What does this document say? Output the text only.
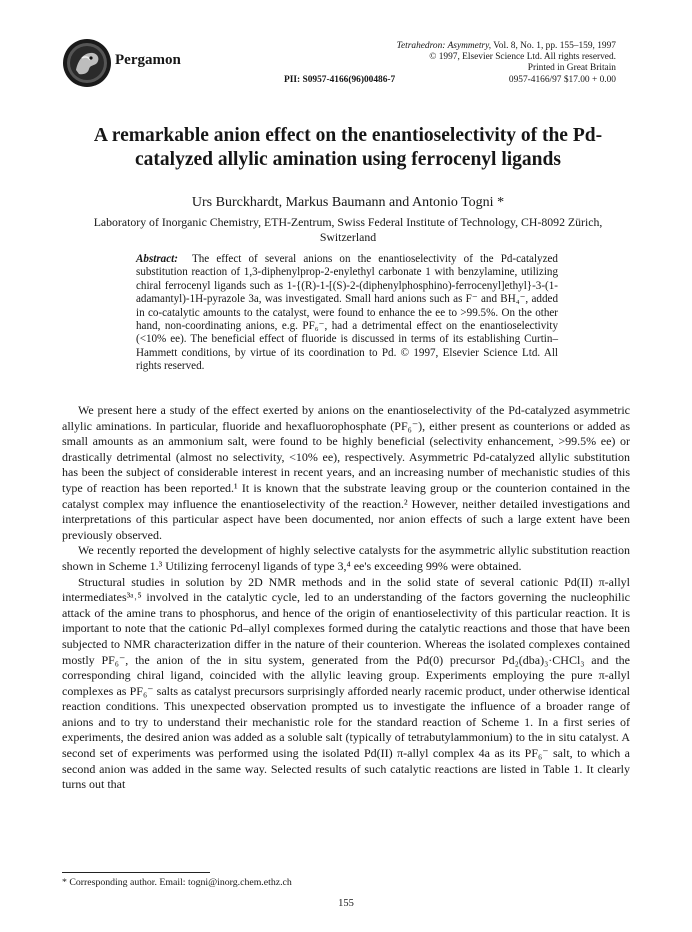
Pergamon
Tetrahedron: Asymmetry, Vol. 8, No. 1, pp. 155–159, 1997
© 1997, Elsevier Science Ltd. All rights reserved.
Printed in Great Britain
0957-4166/97 $17.00 + 0.00
PII: S0957-4166(96)00486-7
A remarkable anion effect on the enantioselectivity of the Pd-catalyzed allylic amination using ferrocenyl ligands
Urs Burckhardt, Markus Baumann and Antonio Togni *
Laboratory of Inorganic Chemistry, ETH-Zentrum, Swiss Federal Institute of Technology, CH-8092 Zürich, Switzerland
Abstract: The effect of several anions on the enantioselectivity of the Pd-catalyzed substitution reaction of 1,3-diphenylprop-2-enylethyl carbonate 1 with benzylamine, utilizing chiral ferrocenyl ligands such as 1-{(R)-1-[(S)-2-(diphenylphosphino)-ferrocenyl]ethyl}-3-(1-adamantyl)-1H-pyrazole 3a, was investigated. Small hard anions such as F⁻ and BH₄⁻, added in co-catalytic amounts to the catalyst, were found to enhance the ee to >99.5%. On the other hand, non-coordinating anions, e.g. PF₆⁻, had a detrimental effect on the enantioselectivity (<10% ee). The beneficial effect of fluoride is discussed in terms of its establishing Curtin–Hammett conditions, by virtue of its coordination to Pd. © 1997, Elsevier Science Ltd. All rights reserved.

We present here a study of the effect exerted by anions on the enantioselectivity of the Pd-catalyzed asymmetric allylic aminations. In particular, fluoride and hexafluorophosphate (PF₆⁻), either present as counterions or added as small amounts as an ammonium salt, were found to be highly beneficial (selectivity enhancement, >99.5% ee) or drastically detrimental (almost no selectivity, <10% ee), respectively. Asymmetric Pd-catalyzed allylic substitution has been the subject of considerable interest in recent years, and an increasing number of mechanistic studies of this type of reaction has been reported.¹ It is known that the substrate leaving group or the counterion contained in the catalyst complex may influence the enantioselectivity of the reaction.² However, neither detailed investigations and interpretations of this particular aspect have been documented, nor anion effects of such a large extent have been previously observed.

We recently reported the development of highly selective catalysts for the asymmetric allylic substitution reaction shown in Scheme 1.³ Utilizing ferrocenyl ligands of type 3,⁴ ee's exceeding 99% were obtained.

Structural studies in solution by 2D NMR methods and in the solid state of several cationic Pd(II) π-allyl intermediates³ᵃ˒⁵ involved in the catalytic cycle, led to an understanding of the factors governing the nucleophilic attack of the amine trans to phosphorus, and hence of the origin of enantioselectivity of this particular reaction. It is important to note that the cationic Pd–allyl complexes formed during the catalytic reactions and those that have been subjected to NMR characterization differ in the nature of their counterion. Whereas the isolated complexes contained mostly PF₆⁻, the anion of the in situ system, generated from the Pd(0) precursor Pd₂(dba)₃·CHCl₃ and the corresponding chiral ligand, coincided with the allylic leaving group. Experiments employing the pure π-allyl complexes as PF₆⁻ salts as catalyst precursors surprisingly afforded nearly racemic product, under otherwise identical reaction conditions. This unexpected observation prompted us to investigate the influence of a broader range of anions and to try to understand their mechanistic role for the standard reaction of Scheme 1. In a first series of experiments, the desired anion was added as a soluble salt (typically of tetrabutylammonium) to the in situ catalyst. A second set of experiments was performed using the isolated Pd(II) π-allyl complex 4a as its PF₆⁻ salt, to which a second anion was added in the same way. Selected results of such catalytic reactions are listed in Table 1. It clearly turns out that

* Corresponding author. Email: togni@inorg.chem.ethz.ch
155
